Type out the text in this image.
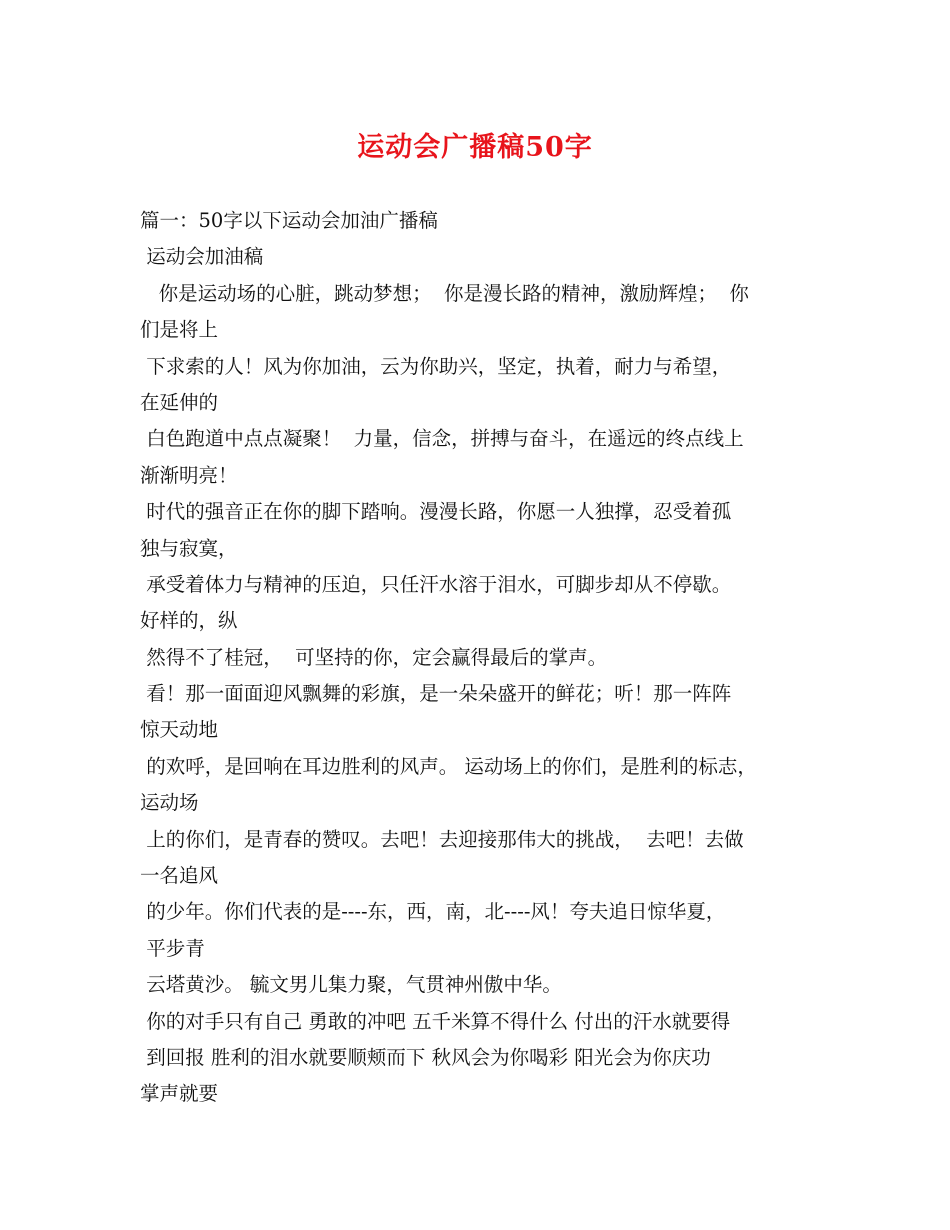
运动会广播稿50字
篇一：50字以下运动会加油广播稿
运动会加油稿
你是运动场的心脏，跳动梦想；  你是漫长路的精神，激励辉煌；  你
们是将上
下求索的人！风为你加油，云为你助兴，坚定，执着，耐力与希望，
在延伸的
白色跑道中点点凝聚！  力量，信念，拼搏与奋斗，在遥远的终点线上
渐渐明亮！
时代的强音正在你的脚下踏响。漫漫长路，你愿一人独撑，忍受着孤
独与寂寞，
承受着体力与精神的压迫，只任汗水溶于泪水，可脚步却从不停歇。
好样的，纵
然得不了桂冠，  可坚持的你，定会赢得最后的掌声。
看！那一面面迎风飘舞的彩旗，是一朵朵盛开的鲜花；听！那一阵阵
惊天动地
的欢呼，是回响在耳边胜利的风声。 运动场上的你们，是胜利的标志，
运动场
上的你们，是青春的赞叹。去吧！去迎接那伟大的挑战，  去吧！去做
一名追风
的少年。你们代表的是----东，西，南，北----风！夸夫追日惊华夏，
平步青
云塔黄沙。 毓文男儿集力聚，气贯神州傲中华。
你的对手只有自己 勇敢的冲吧 五千米算不得什么 付出的汗水就要得
到回报 胜利的泪水就要顺颊而下 秋风会为你喝彩 阳光会为你庆功
掌声就要
